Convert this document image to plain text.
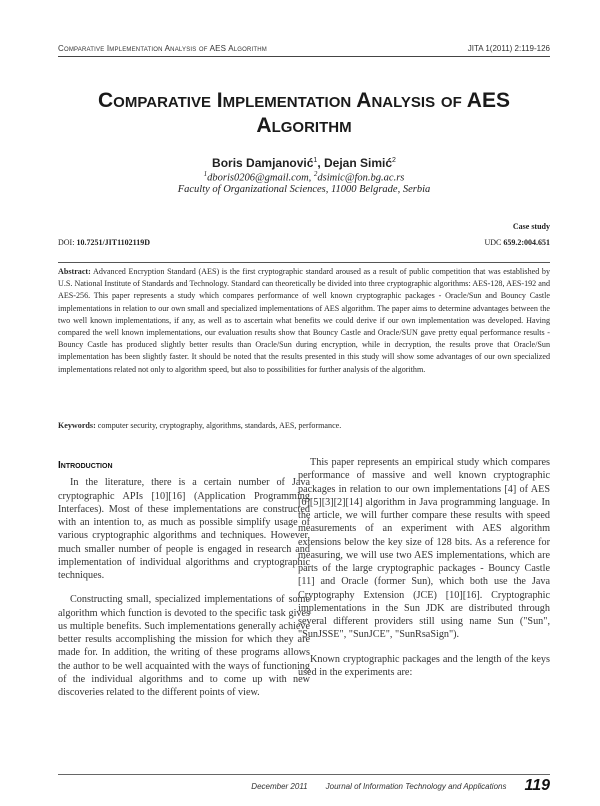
Comparative Implementation Analysis of AES Algorithm	JITA 1(2011) 2:119-126
Comparative Implementation Analysis of AES Algorithm
Boris Damjanović$^1$, Dejan Simić$^2$
$^1$dboris0206@gmail.com, $^2$dsimic@fon.bg.ac.rs
Faculty of Organizational Sciences, 11000 Belgrade, Serbia
Case study
DOI: 10.7251/JIT1102119D	UDC 659.2:004.651

Abstract: Advanced Encryption Standard (AES) is the first cryptographic standard aroused as a result of public competition that was established by U.S. National Institute of Standards and Technology. Standard can theoretically be divided into three cryptographic algorithms: AES-128, AES-192 and AES-256. This paper represents a study which compares performance of well known cryptographic packages - Oracle/Sun and Bouncy Castle implementations in relation to our own small and specialized implementations of AES algorithm. The paper aims to determine advantages between the two well known implementations, if any, as well as to ascertain what benefits we could derive if our own implementation was developed. Having compared the well known implementations, our evaluation results show that Bouncy Castle and Oracle/SUN gave pretty equal performance results - Bouncy Castle has produced slightly better results than Oracle/Sun during encryption, while in decryption, the results prove that Oracle/Sun implementation has been slightly faster. It should be noted that the results presented in this study will show some advantages of our own specialized implementations related not only to algorithm speed, but also to possibilities for further analysis of the algorithm.

Keywords: computer security, cryptography, algorithms, standards, AES, performance.

Introduction

In the literature, there is a certain number of Java cryptographic APIs [10][16] (Application Programming Interfaces). Most of these implementations are constructed with an intention to, as much as possible simplify usage of various cryptographic algorithms and techniques. However, much smaller number of people is engaged in research and implementation of individual algorithms and cryptographic techniques.

Constructing small, specialized implementations of some algorithm which function is devoted to the specific task gives us multiple benefits. Such implementations generally achieve better results accomplishing the mission for which they are made for. In addition, the writing of these programs allows the author to be well acquainted with the ways of functioning of the individual algorithms and to come up with new discoveries related to the different points of view.

This paper represents an empirical study which compares performance of massive and well known cryptographic packages in relation to our own implementations [4] of AES [6][5][3][2][14] algorithm in Java programming language. In the article, we will further compare these results with speed measurements of an experiment with AES algorithm extensions below the key size of 128 bits. As a reference for measuring, we will use two AES implementations, which are parts of the large cryptographic packages - Bouncy Castle [11] and Oracle (former Sun), which both use the Java Cryptography Extension (JCE) [10][16]. Cryptographic implementations in the Sun JDK are distributed through several different providers still using name Sun ("Sun", "SunJSSE", "SunJCE", "SunRsaSign").

Known cryptographic packages and the length of the keys used in the experiments are:

December 2011 Journal of Information Technology and Applications 119
